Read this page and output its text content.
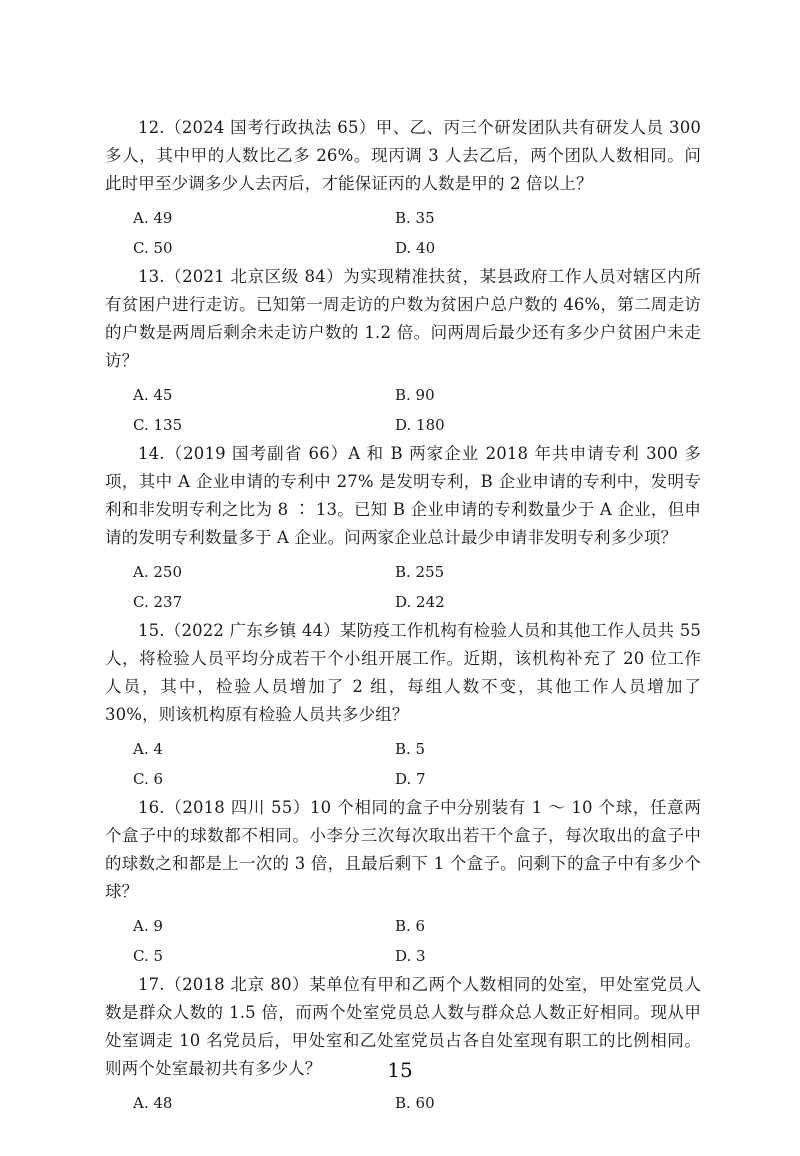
12.（2024 国考行政执法 65）甲、乙、丙三个研发团队共有研发人员 300 多人，其中甲的人数比乙多 26%。现丙调 3 人去乙后，两个团队人数相同。问此时甲至少调多少人去丙后，才能保证丙的人数是甲的 2 倍以上？

A. 49	B. 35
C. 50	D. 40

13.（2021 北京区级 84）为实现精准扶贫，某县政府工作人员对辖区内所有贫困户进行走访。已知第一周走访的户数为贫困户总户数的 46%，第二周走访的户数是两周后剩余未走访户数的 1.2 倍。问两周后最少还有多少户贫困户未走访？

A. 45	B. 90
C. 135	D. 180

14.（2019 国考副省 66）A 和 B 两家企业 2018 年共申请专利 300 多项，其中 A 企业申请的专利中 27% 是发明专利，B 企业申请的专利中，发明专利和非发明专利之比为 8 ∶ 13。已知 B 企业申请的专利数量少于 A 企业，但申请的发明专利数量多于 A 企业。问两家企业总计最少申请非发明专利多少项？

A. 250	B. 255
C. 237	D. 242

15.（2022 广东乡镇 44）某防疫工作机构有检验人员和其他工作人员共 55 人，将检验人员平均分成若干个小组开展工作。近期，该机构补充了 20 位工作人员，其中，检验人员增加了 2 组，每组人数不变，其他工作人员增加了 30%，则该机构原有检验人员共多少组？

A. 4	B. 5
C. 6	D. 7

16.（2018 四川 55）10 个相同的盒子中分别装有 1 ～ 10 个球，任意两个盒子中的球数都不相同。小李分三次每次取出若干个盒子，每次取出的盒子中的球数之和都是上一次的 3 倍，且最后剩下 1 个盒子。问剩下的盒子中有多少个球？

A. 9	B. 6
C. 5	D. 3

17.（2018 北京 80）某单位有甲和乙两个人数相同的处室，甲处室党员人数是群众人数的 1.5 倍，而两个处室党员总人数与群众总人数正好相同。现从甲处室调走 10 名党员后，甲处室和乙处室党员占各自处室现有职工的比例相同。则两个处室最初共有多少人？

A. 48	B. 60
15
